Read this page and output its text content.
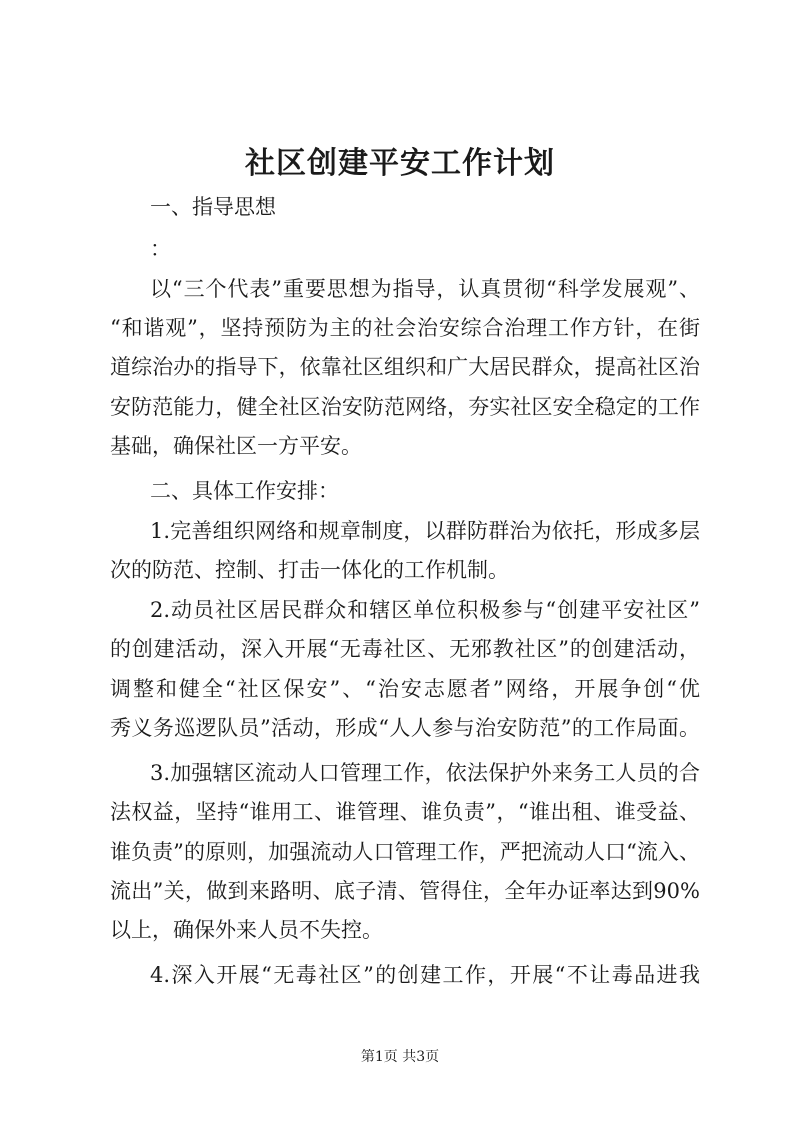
社区创建平安工作计划
一、指导思想
：
以“三个代表”重要思想为指导，认真贯彻“科学发展观”、
“和谐观”，坚持预防为主的社会治安综合治理工作方针，在街
道综治办的指导下，依靠社区组织和广大居民群众，提高社区治
安防范能力，健全社区治安防范网络，夯实社区安全稳定的工作
基础，确保社区一方平安。
二、具体工作安排：
1.完善组织网络和规章制度，以群防群治为依托，形成多层
次的防范、控制、打击一体化的工作机制。
2.动员社区居民群众和辖区单位积极参与“创建平安社区”
的创建活动，深入开展“无毒社区、无邪教社区”的创建活动，
调整和健全“社区保安”、“治安志愿者”网络，开展争创“优
秀义务巡逻队员”活动，形成“人人参与治安防范”的工作局面。
3.加强辖区流动人口管理工作，依法保护外来务工人员的合
法权益，坚持“谁用工、谁管理、谁负责”，“谁出租、谁受益、
谁负责”的原则，加强流动人口管理工作，严把流动人口“流入、
流出”关，做到来路明、底子清、管得住，全年办证率达到90%
以上，确保外来人员不失控。
4.深入开展“无毒社区”的创建工作，开展“不让毒品进我
第1页 共3页
